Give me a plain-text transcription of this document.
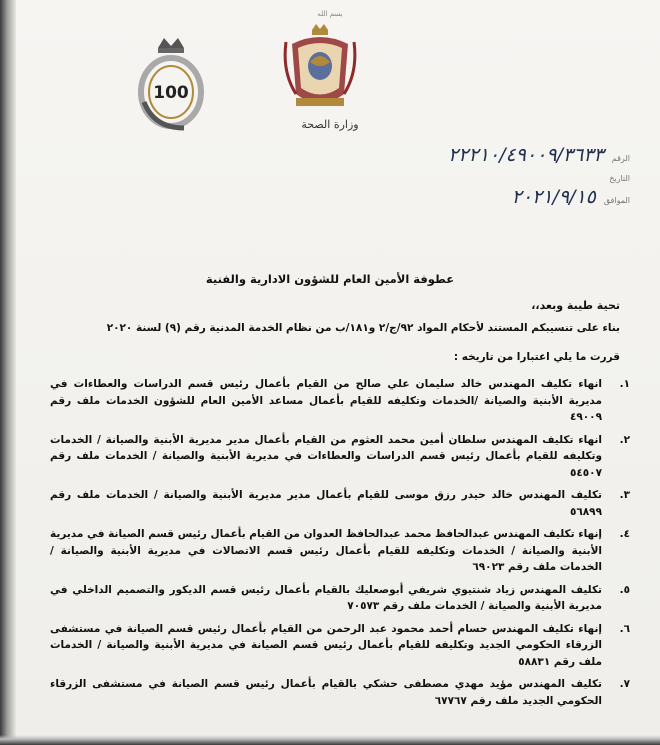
بسم الله
100
وزارة الصحة
الرقم
٢٢٢١٠/٤٩٠٠٩/٣٦٣٣
التاريخ
الموافق
٢٠٢١/٩/١٥
عطوفة الأمين العام للشؤون الادارية والفنية
تحية طيبة وبعد،،
بناء على تنسيبكم المستند لأحكام المواد ٩٢/ج/٢ و١٨١/ب من نظام الخدمة المدنية رقم (٩) لسنة ٢٠٢٠
قررت ما يلي اعتبارا من تاريخه :
١.
انهاء تكليف المهندس خالد سليمان علي صالح من القيام بأعمال رئيس قسم الدراسات والعطاءات في مديرية الأبنية والصيانة /الخدمات وتكليفه للقيام بأعمال مساعد الأمين العام للشؤون الخدمات ملف رقم ٤٩٠٠٩
٢.
انهاء تكليف المهندس سلطان أمين محمد العثوم من القيام بأعمال مدير مديرية الأبنية والصيانة / الخدمات وتكليفه للقيام بأعمال رئيس قسم الدراسات والعطاءات في مديرية الأبنية والصيانة / الخدمات ملف رقم ٥٤٥٠٧
٣.
تكليف المهندس خالد حيدر رزق موسى للقيام بأعمال مدير مديرية الأبنية والصيانة / الخدمات ملف رقم ٥٦٨٩٩
٤.
إنهاء تكليف المهندس عبدالحافظ محمد عبدالحافظ العدوان من القيام بأعمال رئيس قسم الصيانة في مديرية الأبنية والصيانة / الخدمات وتكليفه للقيام بأعمال رئيس قسم الاتصالات في مديرية الأبنية والصيانة / الخدمات ملف رقم ٦٩٠٢٣
٥.
تكليف المهندس زياد شنتيوي شريفي أبوصعليك بالقيام بأعمال رئيس قسم الديكور والتصميم الداخلي في مديرية الأبنية والصيانة / الخدمات ملف رقم ٧٠٥٧٣
٦.
إنهاء تكليف المهندس حسام أحمد محمود عبد الرحمن من القيام بأعمال رئيس قسم الصيانة في مستشفى الزرقاء الحكومي الجديد وتكليفه للقيام بأعمال رئيس قسم الصيانة في مديرية الأبنية والصيانة / الخدمات ملف رقم ٥٨٨٣١
٧.
تكليف المهندس مؤيد مهدي مصطفى حشكي بالقيام بأعمال رئيس قسم الصيانة في مستشفى الزرقاء الحكومي الجديد ملف رقم ٦٧٧٦٧
